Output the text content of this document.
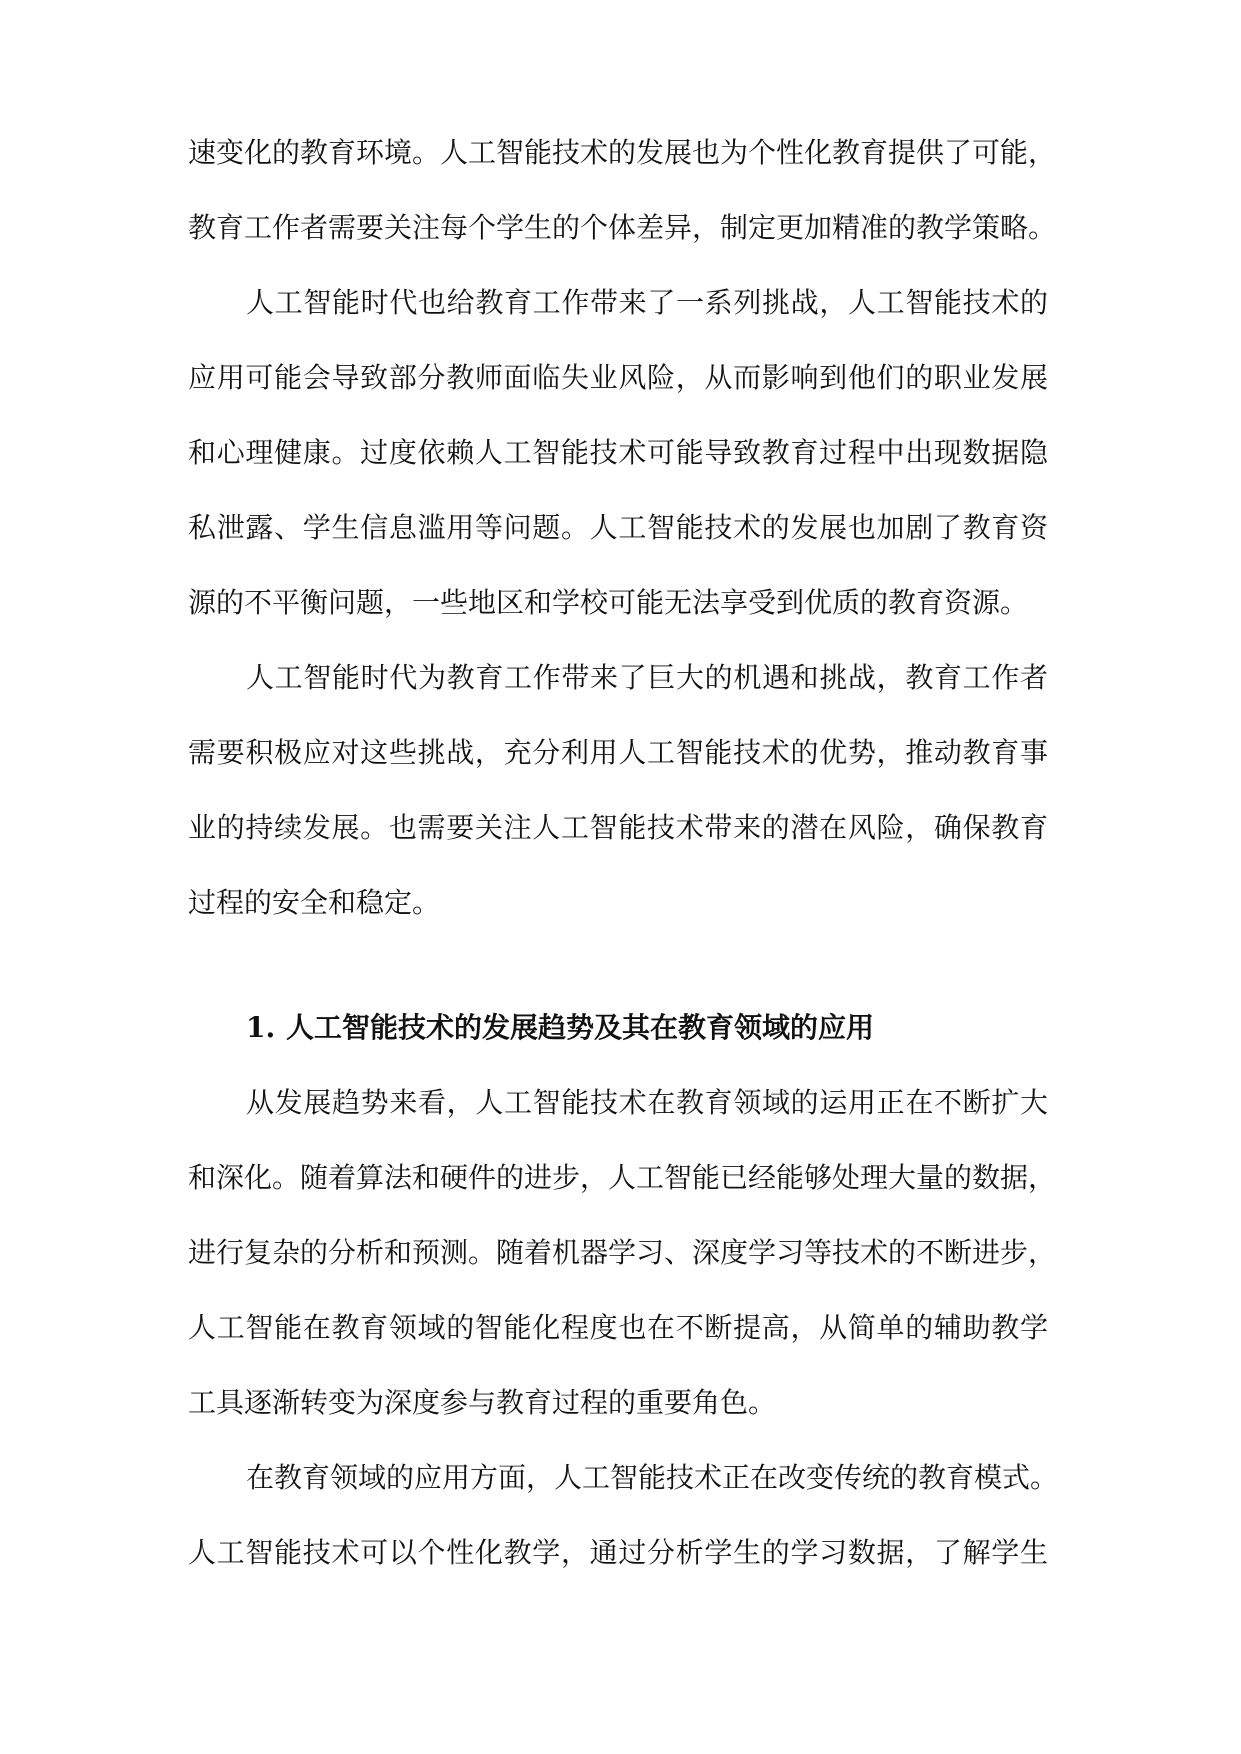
速变化的教育环境。人工智能技术的发展也为个性化教育提供了可能，
教育工作者需要关注每个学生的个体差异，制定更加精准的教学策略。
人工智能时代也给教育工作带来了一系列挑战，人工智能技术的
应用可能会导致部分教师面临失业风险，从而影响到他们的职业发展
和心理健康。过度依赖人工智能技术可能导致教育过程中出现数据隐
私泄露、学生信息滥用等问题。人工智能技术的发展也加剧了教育资
源的不平衡问题，一些地区和学校可能无法享受到优质的教育资源。
人工智能时代为教育工作带来了巨大的机遇和挑战，教育工作者
需要积极应对这些挑战，充分利用人工智能技术的优势，推动教育事
业的持续发展。也需要关注人工智能技术带来的潜在风险，确保教育
过程的安全和稳定。
1. 人工智能技术的发展趋势及其在教育领域的应用
从发展趋势来看，人工智能技术在教育领域的运用正在不断扩大
和深化。随着算法和硬件的进步，人工智能已经能够处理大量的数据，
进行复杂的分析和预测。随着机器学习、深度学习等技术的不断进步，
人工智能在教育领域的智能化程度也在不断提高，从简单的辅助教学
工具逐渐转变为深度参与教育过程的重要角色。
在教育领域的应用方面，人工智能技术正在改变传统的教育模式。
人工智能技术可以个性化教学，通过分析学生的学习数据，了解学生
